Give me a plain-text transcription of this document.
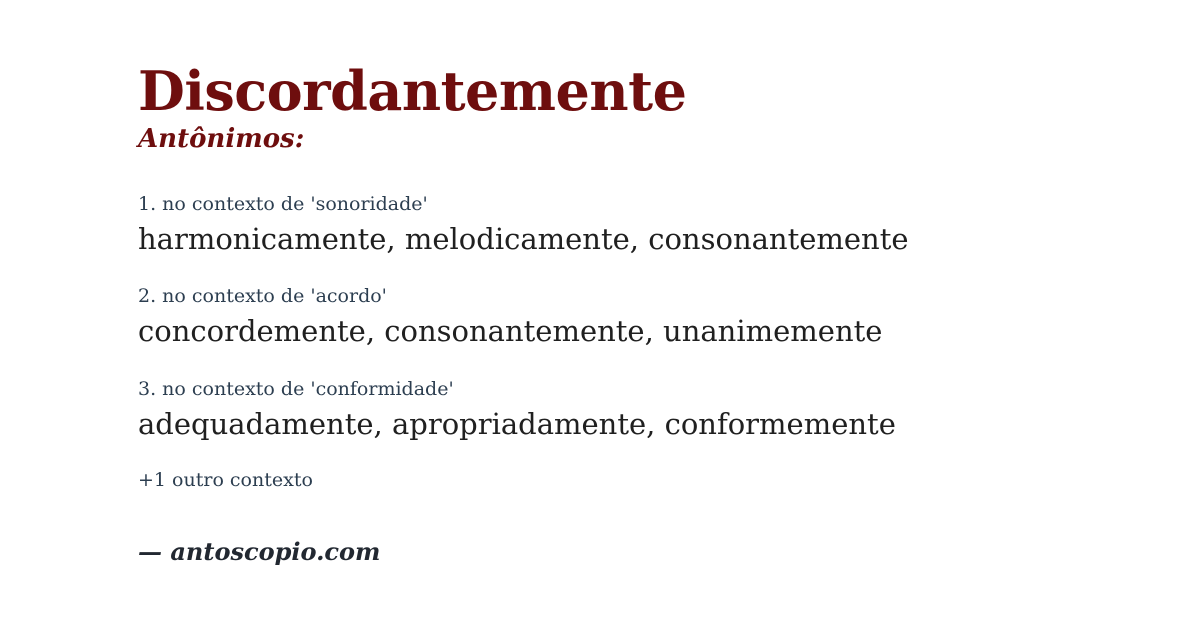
Discordantemente
Antônimos:
1. no contexto de 'sonoridade'
harmonicamente, melodicamente, consonantemente
2. no contexto de 'acordo'
concordemente, consonantemente, unanimemente
3. no contexto de 'conformidade'
adequadamente, apropriadamente, conformemente
+1 outro contexto
— antoscopio.com
